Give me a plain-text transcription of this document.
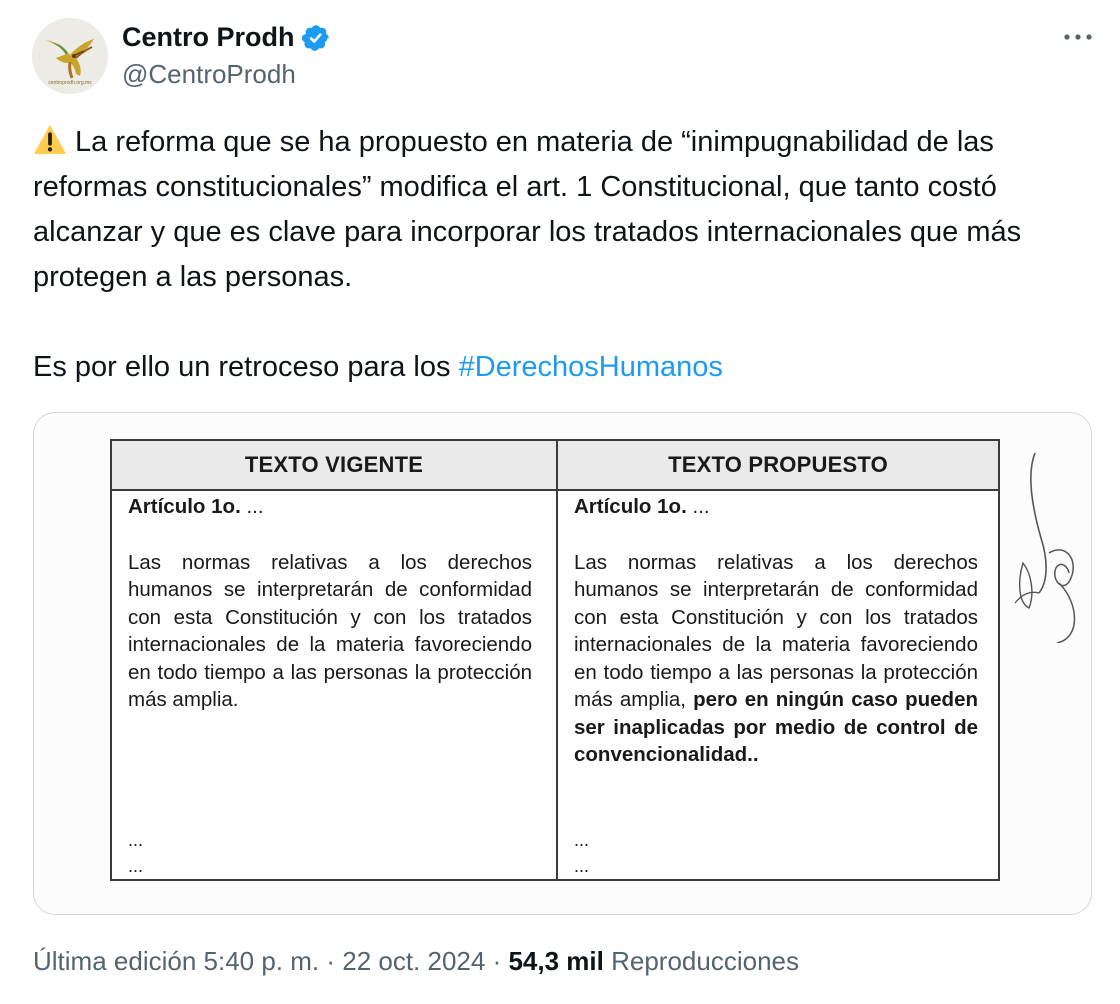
centroprodh.org.mx
Centro Prodh
@CentroProdh

La reforma que se ha propuesto en materia de “inimpugnabilidad de las reformas constitucionales” modifica el art. 1 Constitucional, que tanto costó alcanzar y que es clave para incorporar los tratados internacionales que más protegen a las personas.

Es por ello un retroceso para los #DerechosHumanos

TEXTO VIGENTE	TEXTO PROPUESTO
Artículo 1o. ...
Las normas relativas a los derechos humanos se interpretarán de conformidad con esta Constitución y con los tratados internacionales de la materia favoreciendo en todo tiempo a las personas la protección más amplia.
Artículo 1o. ...
Las normas relativas a los derechos humanos se interpretarán de conformidad con esta Constitución y con los tratados internacionales de la materia favoreciendo en todo tiempo a las personas la protección más amplia, pero en ningún caso pueden ser inaplicadas por medio de control de convencionalidad..
...
...
...
...
Última edición 5:40 p. m. · 22 oct. 2024 · 54,3 mil Reproducciones
